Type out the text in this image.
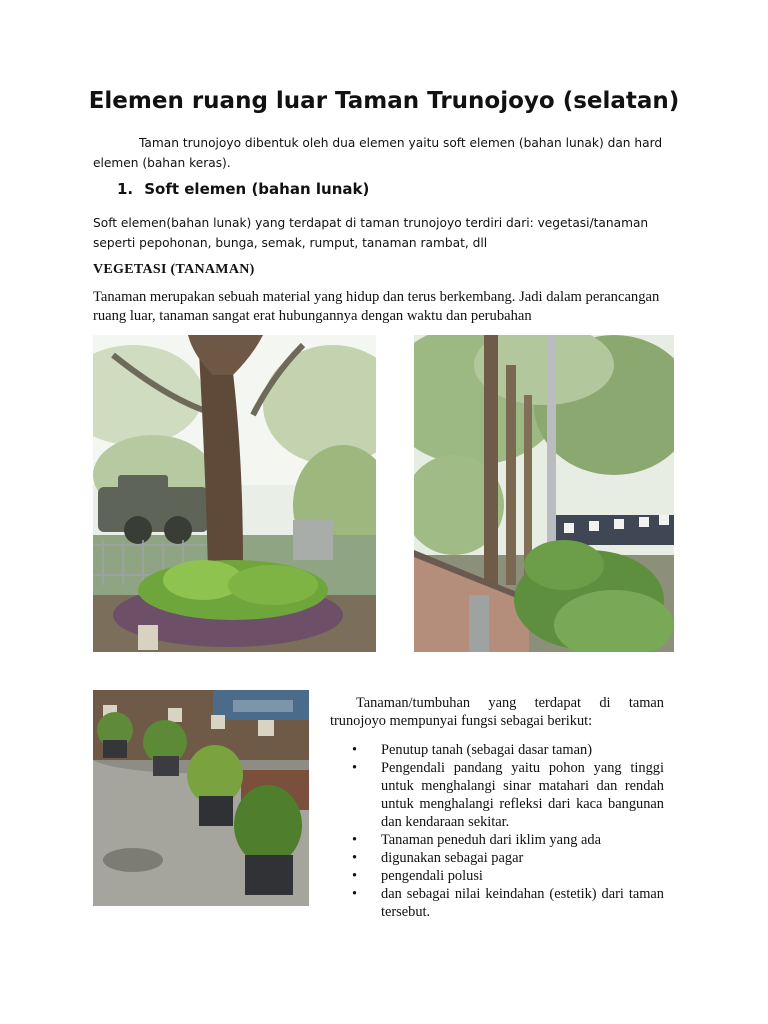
Elemen ruang luar Taman Trunojoyo (selatan)

Taman trunojoyo dibentuk oleh dua elemen yaitu soft elemen (bahan lunak) dan hard elemen (bahan keras).

1. Soft elemen (bahan lunak)

Soft elemen(bahan lunak) yang terdapat di taman trunojoyo terdiri dari: vegetasi/tanaman seperti pepohonan, bunga, semak, rumput, tanaman rambat, dll

VEGETASI (TANAMAN)

Tanaman merupakan sebuah material yang hidup dan terus berkembang. Jadi dalam perancangan ruang luar, tanaman sangat erat hubungannya dengan waktu dan perubahan

Tanaman/tumbuhan yang terdapat di taman trunojoyo mempunyai fungsi sebagai berikut:

• Penutup tanah (sebagai dasar taman)
• Pengendali pandang yaitu pohon yang tinggi untuk menghalangi sinar matahari dan rendah untuk menghalangi refleksi dari kaca bangunan dan kendaraan sekitar.
• Tanaman peneduh dari iklim yang ada
• digunakan sebagai pagar
• pengendali polusi
• dan sebagai nilai keindahan (estetik) dari taman tersebut.
